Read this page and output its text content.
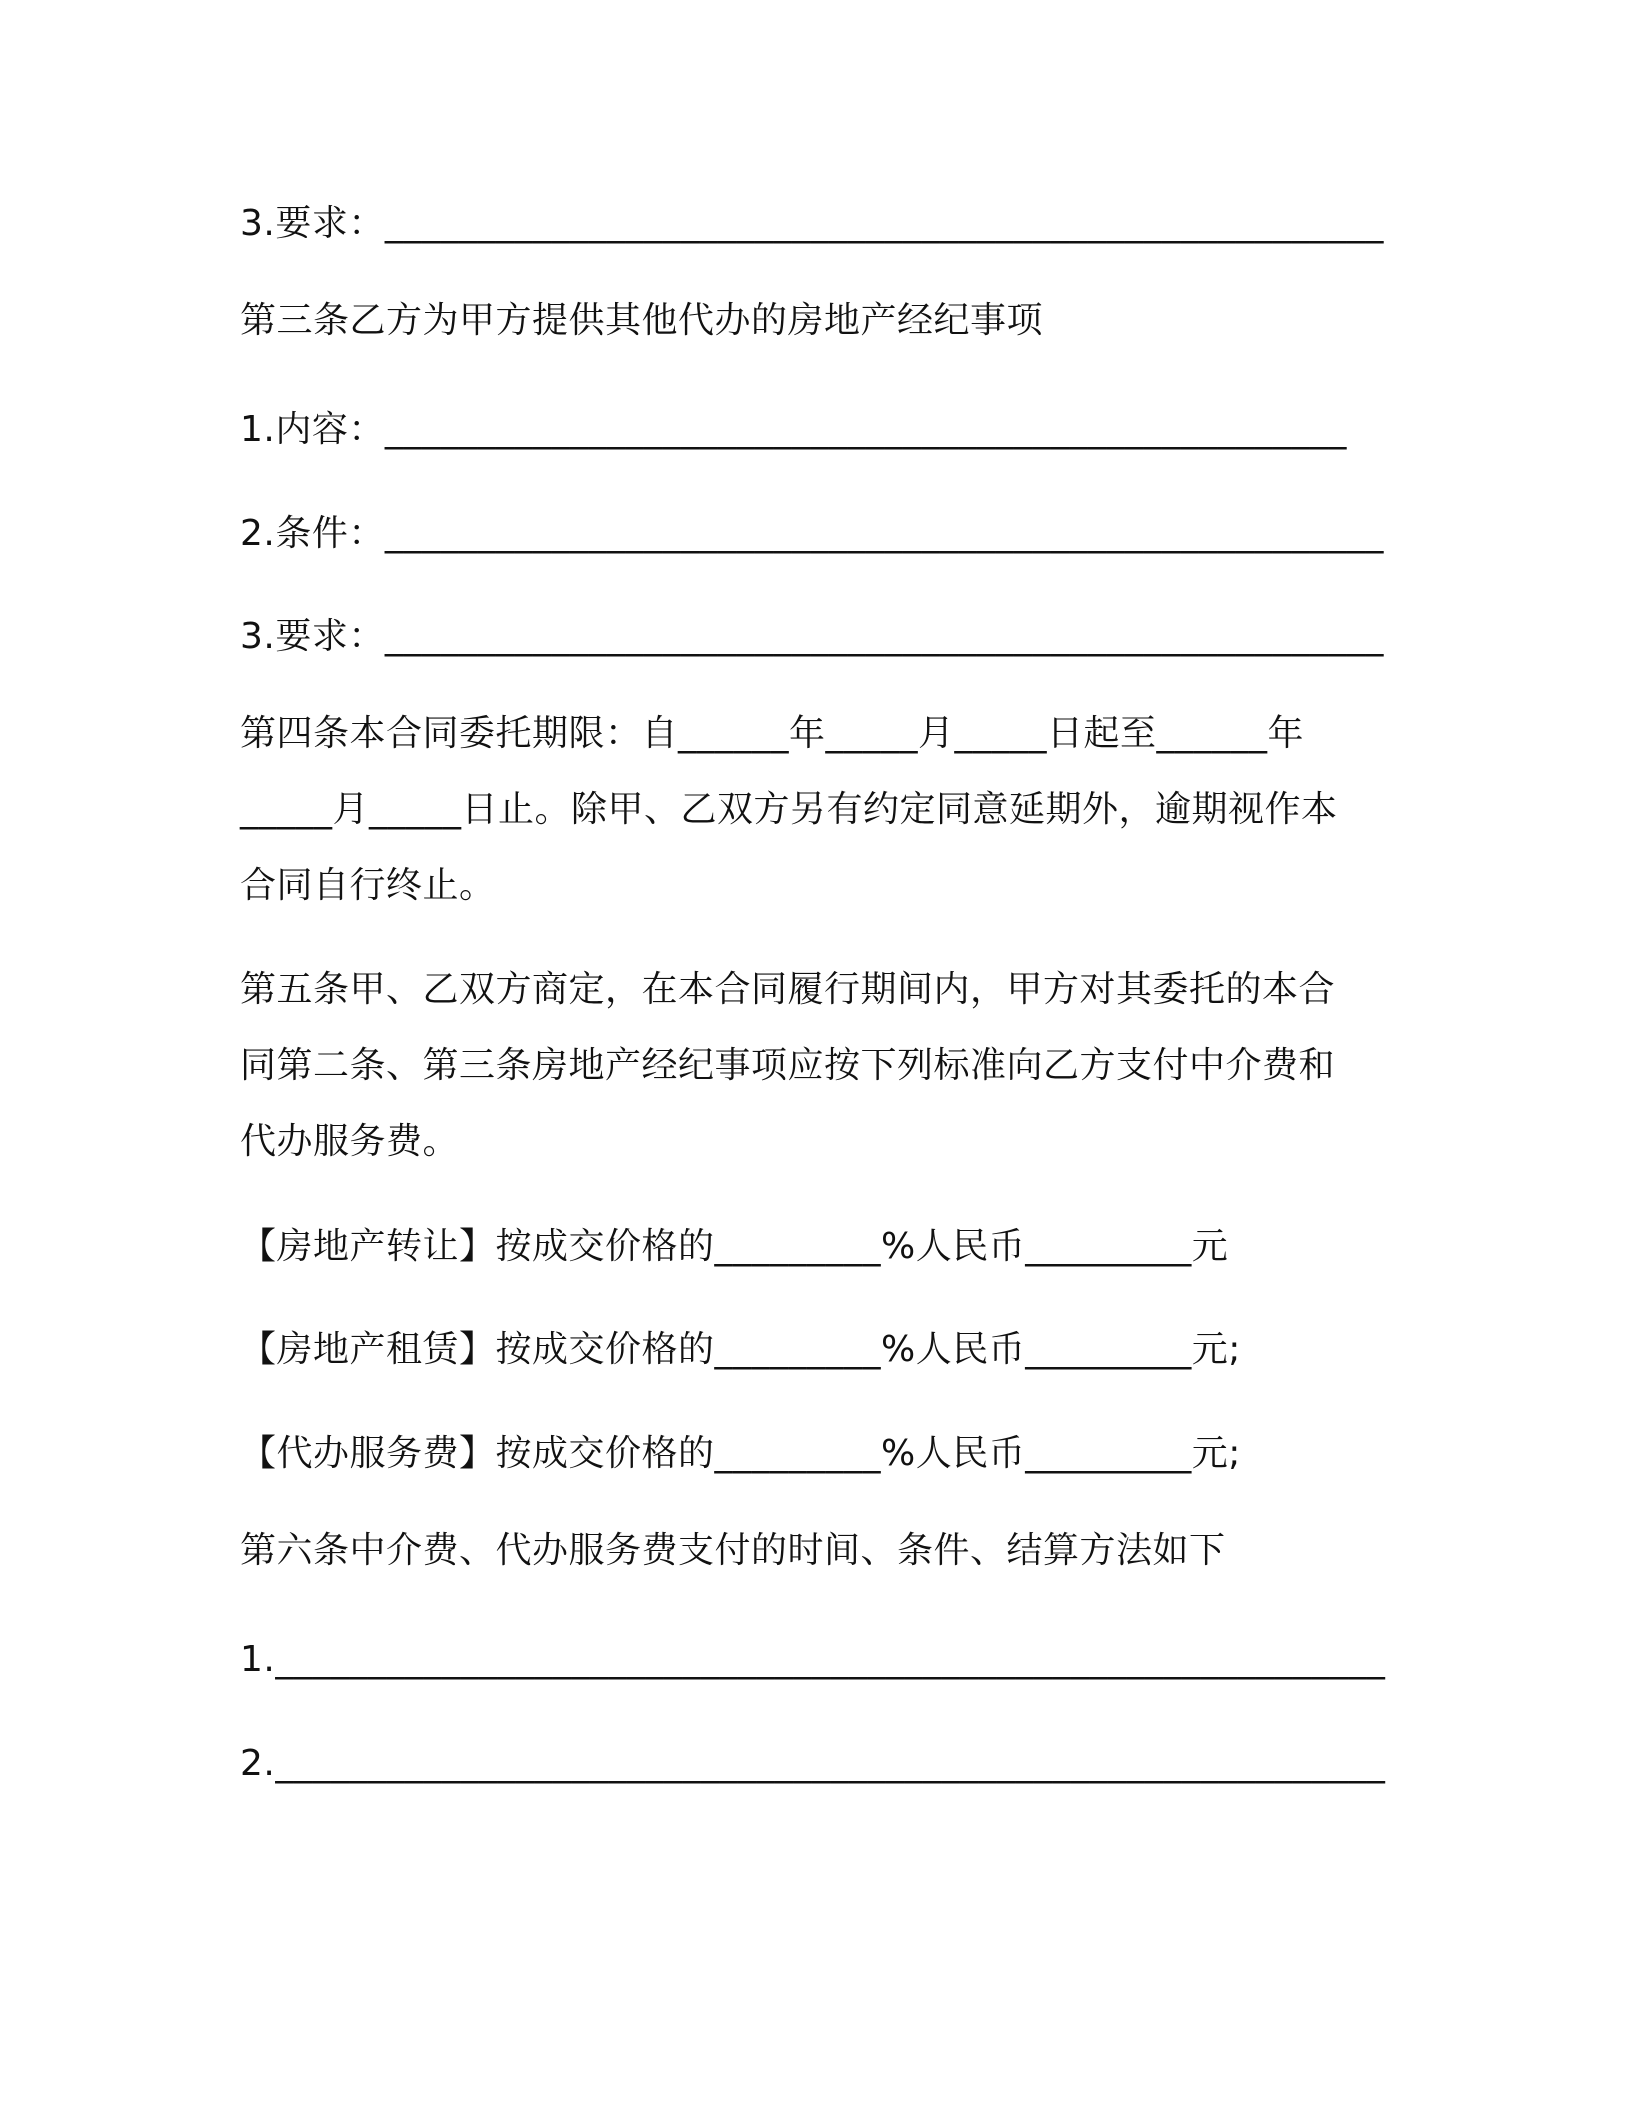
3.要求：______________________________________________________
第三条乙方为甲方提供其他代办的房地产经纪事项
1.内容：____________________________________________________
2.条件：______________________________________________________
3.要求：______________________________________________________
第四条本合同委托期限：自______年_____月_____日起至______年
_____月_____日止。除甲、乙双方另有约定同意延期外，逾期视作本
合同自行终止。
第五条甲、乙双方商定，在本合同履行期间内，甲方对其委托的本合
同第二条、第三条房地产经纪事项应按下列标准向乙方支付中介费和
代办服务费。
【房地产转让】按成交价格的_________%人民币_________元
【房地产租赁】按成交价格的_________%人民币_________元;
【代办服务费】按成交价格的_________%人民币_________元;
第六条中介费、代办服务费支付的时间、条件、结算方法如下
1.____________________________________________________________
2.____________________________________________________________
